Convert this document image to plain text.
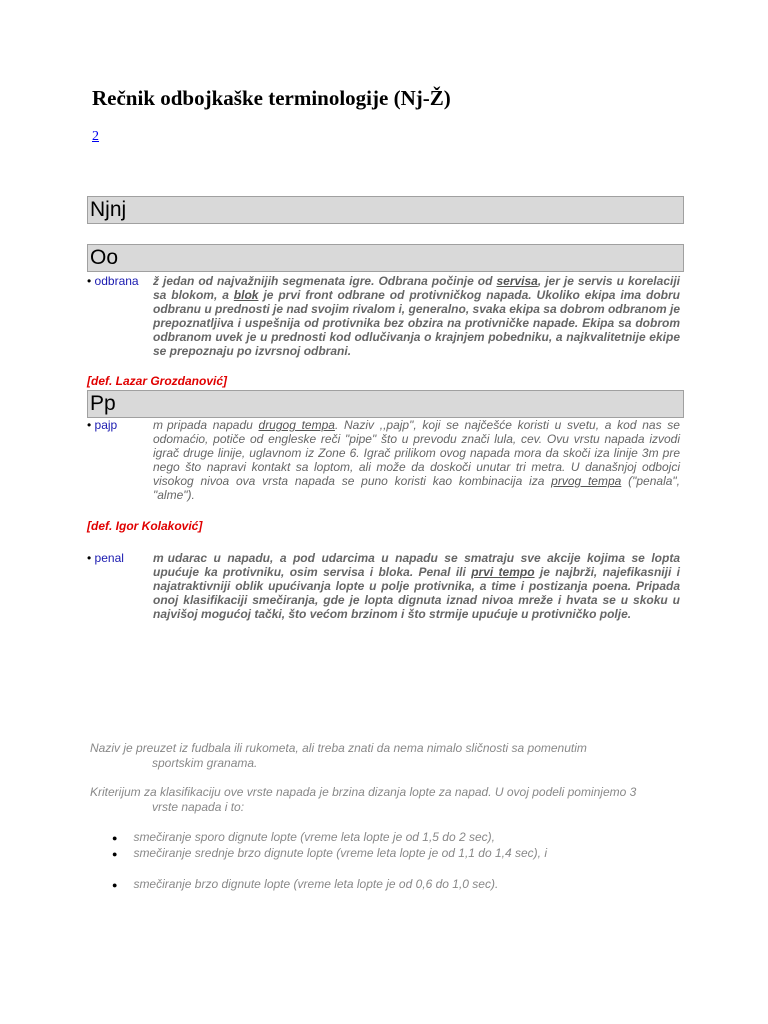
Rečnik odbojkaške terminologije (Nj-Ž)
2
Njnj
Oo
• odbrana	ž jedan od najvažnijih segmenata igre. Odbrana počinje od servisa, jer je servis u korelaciji sa blokom, a blok je prvi front odbrane od protivničkog napada. Ukoliko ekipa ima dobru odbranu u prednosti je nad svojim rivalom i, generalno, svaka ekipa sa dobrom odbranom je prepoznatljiva i uspešnija od protivnika bez obzira na protivničke napade. Ekipa sa dobrom odbranom uvek je u prednosti kod odlučivanja o krajnjem pobedniku, a najkvalitetnije ekipe se prepoznaju po izvrsnoj odbrani.
[def. Lazar Grozdanović]
Pp
• pajp	m pripada napadu drugog tempa. Naziv ,,pajp", koji se najčešće koristi u svetu, a kod nas se odomaćio, potiče od engleske reči "pipe" što u prevodu znači lula, cev. Ovu vrstu napada izvodi igrač druge linije, uglavnom iz Zone 6. Igrač prilikom ovog napada mora da skoči iza linije 3m pre nego što napravi kontakt sa loptom, ali može da doskoči unutar tri metra. U današnjoj odbojci visokog nivoa ova vrsta napada se puno koristi kao kombinacija iza prvog tempa ("penala", "alme").
[def. Igor Kolaković]
• penal	m udarac u napadu, a pod udarcima u napadu se smatraju sve akcije kojima se lopta upućuje ka protivniku, osim servisa i bloka. Penal ili prvi tempo je najbrži, najefikasniji i najatraktivniji oblik upućivanja lopte u polje protivnika, a time i postizanja poena. Pripada onoj klasifikaciji smečiranja, gde je lopta dignuta iznad nivoa mreže i hvata se u skoku u najvišoj mogućoj tački, što većom brzinom i što strmije upućuje u protivničko polje.
Naziv je preuzet iz fudbala ili rukometa, ali treba znati da nema nimalo sličnosti sa pomenutim
sportskim granama.
Kriterijum za klasifikaciju ove vrste napada je brzina dizanja lopte za napad. U ovoj podeli pominjemo 3
vrste napada i to:
● smečiranje sporo dignute lopte (vreme leta lopte je od 1,5 do 2 sec),
● smečiranje srednje brzo dignute lopte (vreme leta lopte je od 1,1 do 1,4 sec), i
● smečiranje brzo dignute lopte (vreme leta lopte je od 0,6 do 1,0 sec).
